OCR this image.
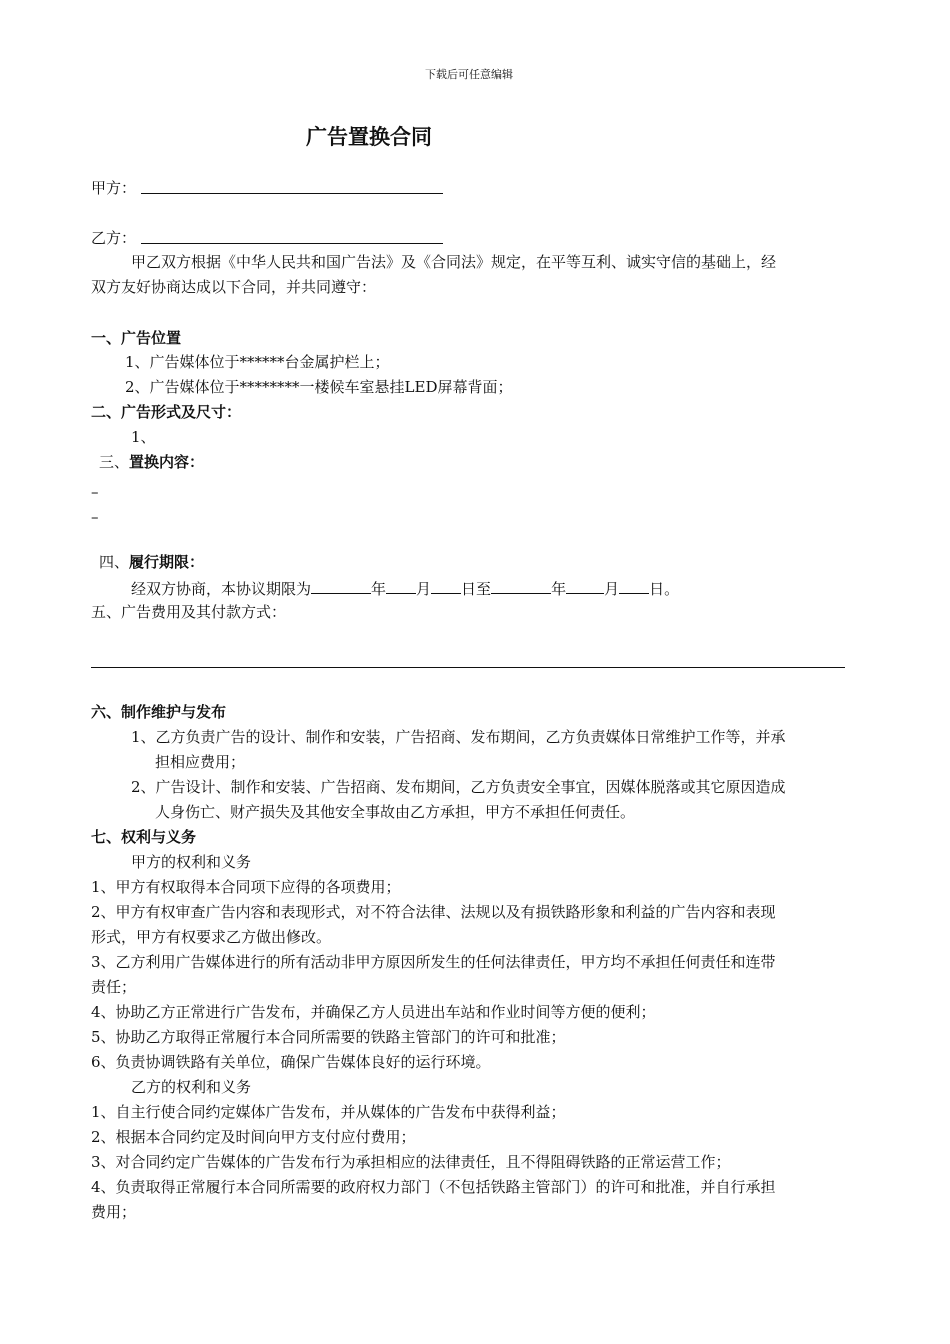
下载后可任意编辑
广告置换合同
甲方：
乙方：
甲乙双方根据《中华人民共和国广告法》及《合同法》规定，在平等互利、诚实守信的基础上，经
双方友好协商达成以下合同，并共同遵守：
一、广告位置
1、广告媒体位于******台金属护栏上；
2、广告媒体位于********一楼候车室悬挂LED屏幕背面；
二、广告形式及尺寸：
1、
三、置换内容：
–
–
四、履行期限：
经双方协商，本协议期限为	年 月 日至	年	月 日。
五、广告费用及其付款方式：
六、制作维护与发布
1、乙方负责广告的设计、制作和安装，广告招商、发布期间，乙方负责媒体日常维护工作等，并承
担相应费用；
2、广告设计、制作和安装、广告招商、发布期间，乙方负责安全事宜，因媒体脱落或其它原因造成
人身伤亡、财产损失及其他安全事故由乙方承担，甲方不承担任何责任。
七、权利与义务
甲方的权利和义务
1、甲方有权取得本合同项下应得的各项费用；
2、甲方有权审查广告内容和表现形式，对不符合法律、法规以及有损铁路形象和利益的广告内容和表现
形式，甲方有权要求乙方做出修改。
3、乙方利用广告媒体进行的所有活动非甲方原因所发生的任何法律责任，甲方均不承担任何责任和连带
责任；
4、协助乙方正常进行广告发布，并确保乙方人员进出车站和作业时间等方便的便利；
5、协助乙方取得正常履行本合同所需要的铁路主管部门的许可和批准；
6、负责协调铁路有关单位，确保广告媒体良好的运行环境。
乙方的权利和义务
1、自主行使合同约定媒体广告发布，并从媒体的广告发布中获得利益；
2、根据本合同约定及时间向甲方支付应付费用；
3、对合同约定广告媒体的广告发布行为承担相应的法律责任，且不得阻碍铁路的正常运营工作；
4、负责取得正常履行本合同所需要的政府权力部门（不包括铁路主管部门）的许可和批准，并自行承担
费用；
